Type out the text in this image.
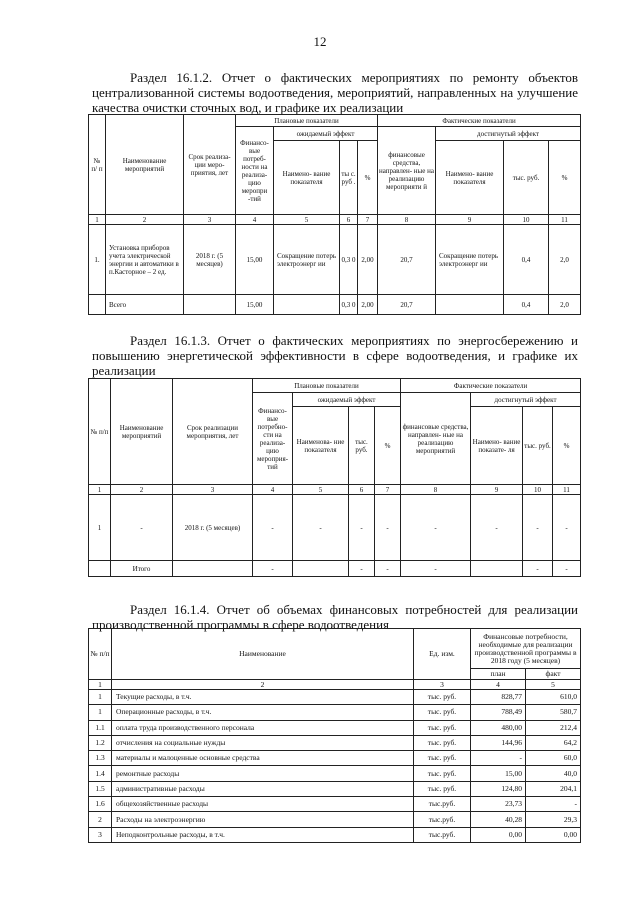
12
Раздел 16.1.2. Отчет о фактических мероприятиях по ремонту объектов централизованной системы водоотведения, мероприятий, направленных на улучшение качества очистки сточных вод, и графике их реализации
№ п/ п	Наименование мероприятий	Срок реализа- ции меро- приятия, лет	Плановые показатели				Фактические показатели			
			Финансо- вые потреб- ности на реализа- цию меропри -тий	ожидаемый эффект			финансовые средства, направлен- ные на реализацию мероприяти й	достигнутый эффект		
				Наимено- вание показателя	ты с. руб .	%		Наимено- вание показателя	тыс. руб.	%
1	2	3	4	5	6	7	8	9	10	11
1.	Установка приборов учета электрической энергии и автоматики в п.Касторное – 2 ед.	2018 г. (5 месяцев)	15,00	Сокращение потерь электроэнерг ии	0,3 0	2,00	20,7	Сокращение потерь электроэнерг ии	0,4	2,0
	Всего		15,00		0,3 0	2,00	20,7		0,4	2,0
Раздел 16.1.3. Отчет о фактических мероприятиях по энергосбережению и повышению энергетической эффективности в сфере водоотведения, и графике их реализации
№ п/п	Наименование мероприятий	Срок реализации мероприятия, лет	Плановые показатели				Фактические показатели			
			Финансо- вые потребно- сти на реализа- цию мероприя- тий	ожидаемый эффект			финансовые средства, направлен- ные на реализацию мероприятий	достигнутый эффект		
				Наименова- ние показателя	тыс. руб.	%		Наимено- вание показате- ля	тыс. руб.	%
1	2	3	4	5	6	7	8	9	10	11
1	-	2018 г. (5 месяцев)	-	-	-	-	-	-	-	-
	Итого		-		-	-	-		-	-
Раздел 16.1.4. Отчет об объемах финансовых потребностей для реализации производственной программы в сфере водоотведения
№ п/п	Наименование	Ед. изм.	Финансовые потребности, необходимые для реализации производственной программы в 2018 году (5 месяцев)	
			план	факт
1	2	3	4	5
1	Текущие расходы, в т.ч.	тыс. руб.	828,77	610,0
1	Операционные расходы, в т.ч.	тыс. руб.	788,49	580,7
1.1	оплата труда производственного персонала	тыс. руб.	480,00	212,4
1.2	отчисления на социальные нужды	тыс. руб.	144,96	64,2
1.3	материалы и малоценные основные средства	тыс. руб.	-	60,0
1.4	ремонтные расходы	тыс. руб.	15,00	40,0
1.5	административные расходы	тыс. руб.	124,80	204,1
1.6	общехозяйственные расходы	тыс.руб.	23,73	-
2	Расходы на электроэнергию	тыс.руб.	40,28	29,3
3	Неподконтрольные расходы, в т.ч.	тыс.руб.	0,00	0,00
